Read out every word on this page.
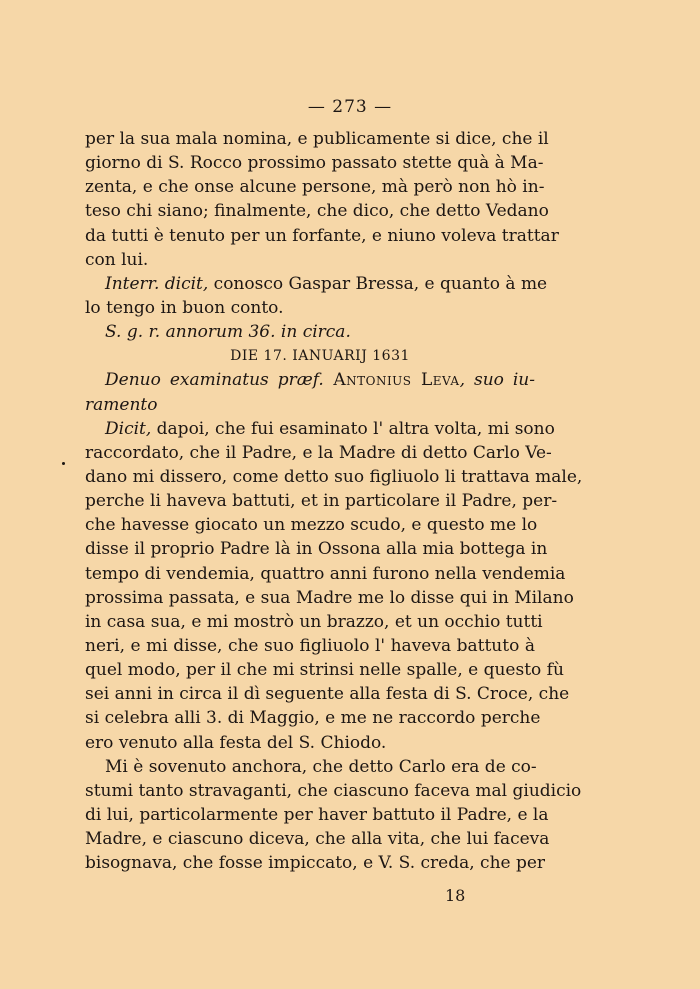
— 273 —
per la sua mala nomina, e publicamente si dice, che il
giorno di S. Rocco prossimo passato stette quà à Ma-
zenta, e che onse alcune persone, mà però non hò in-
teso chi siano; finalmente, che dico, che detto Vedano
da tutti è tenuto per un forfante, e niuno voleva trattar
con lui.
Interr. dicit, conosco Gaspar Bressa, e quanto à me
lo tengo in buon conto.
S. g. r. annorum 36. in circa.
DIE 17. IANUARIJ 1631
Denuo examinatus præf. Antonius Leva, suo iu-
ramento
Dicit, dapoi, che fui esaminato l' altra volta, mi sono
raccordato, che il Padre, e la Madre di detto Carlo Ve-
dano mi dissero, come detto suo figliuolo li trattava male,
perche li haveva battuti, et in particolare il Padre, per-
che havesse giocato un mezzo scudo, e questo me lo
disse il proprio Padre là in Ossona alla mia bottega in
tempo di vendemia, quattro anni furono nella vendemia
prossima passata, e sua Madre me lo disse qui in Milano
in casa sua, e mi mostrò un brazzo, et un occhio tutti
neri, e mi disse, che suo figliuolo l' haveva battuto à
quel modo, per il che mi strinsi nelle spalle, e questo fù
sei anni in circa il dì seguente alla festa di S. Croce, che
si celebra alli 3. di Maggio, e me ne raccordo perche
ero venuto alla festa del S. Chiodo.
Mi è sovenuto anchora, che detto Carlo era de co-
stumi tanto stravaganti, che ciascuno faceva mal giudicio
di lui, particolarmente per haver battuto il Padre, e la
Madre, e ciascuno diceva, che alla vita, che lui faceva
bisognava, che fosse impiccato, e V. S. creda, che per
18
